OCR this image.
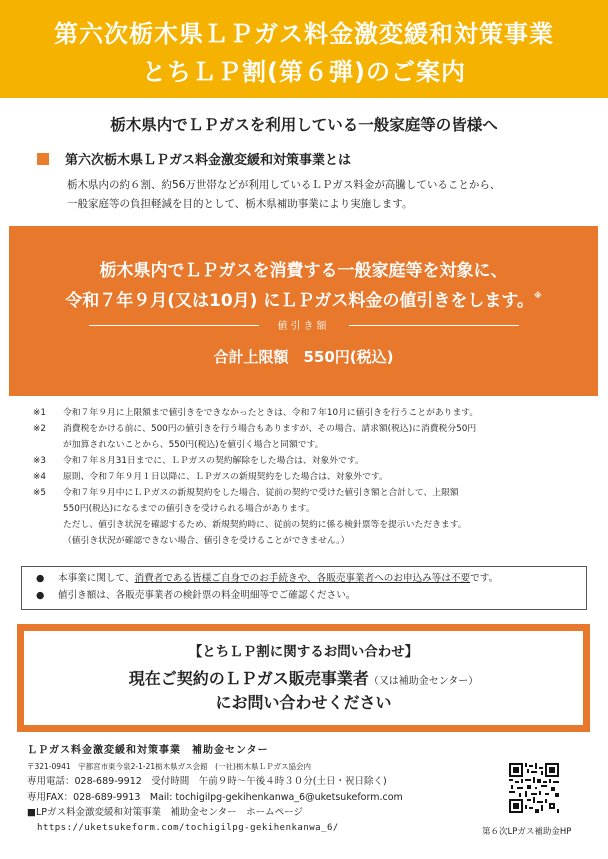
第六次栃木県ＬＰガス料金激変緩和対策事業
とちＬＰ割(第６弾)のご案内
栃木県内でＬＰガスを利用している一般家庭等の皆様へ
第六次栃木県ＬＰガス料金激変緩和対策事業とは
栃木県内の約６割、約56万世帯などが利用しているＬＰガス料金が高騰していることから、
一般家庭等の負担軽減を目的として、栃木県補助事業により実施します。
栃木県内でＬＰガスを消費する一般家庭等を対象に、
令和７年９月(又は10月) にＬＰガス料金の値引きをします。※
値引き額
合計上限額　550円(税込)
※1	令和７年９月に上限額まで値引きをできなかったときは、令和７年10月に値引きを行うことがあります。
※2	消費税をかける前に、500円の値引きを行う場合もありますが、その場合、請求額(税込)に消費税分50円
が加算されないことから、550円(税込)を値引く場合と同額です。
※3	令和７年８月31日までに、ＬＰガスの契約解除をした場合は、対象外です。
※4	原則、令和７年９月１日以降に、ＬＰガスの新規契約をした場合は、対象外です。
※5	令和７年９月中にＬＰガスの新規契約をした場合、従前の契約で受けた値引き額と合計して、上限額
550円(税込)になるまでの値引きを受けられる場合があります。
ただし、値引き状況を確認するため、新規契約時に、従前の契約に係る検針票等を提示いただきます。
（値引き状況が確認できない場合、値引きを受けることができません。）
●	本事業に関して、消費者である皆様ご自身でのお手続きや、各販売事業者へのお申込み等は不要です。
●	値引き額は、各販売事業者の検針票の料金明細等でご確認ください。
【とちＬＰ割に関するお問い合わせ】
現在ご契約のＬＰガス販売事業者（又は補助金センター）
にお問い合わせください
ＬＰガス料金激変緩和対策事業　補助金センター
〒321-0941　宇都宮市東今泉2-1-21栃木県ガス会館　(一社)栃木県ＬＰガス協会内
専用電話：028-689-9912　受付時間　午前９時～午後４時３０分(土日・祝日除く)
専用FAX：028-689-9913　Mail: tochigilpg-gekihenkanwa_6@uketsukeform.com
■LPガス料金激変緩和対策事業　補助金センター　ホームページ
https://uketsukeform.com/tochigilpg-gekihenkanwa_6/	第６次LPガス補助金HP
